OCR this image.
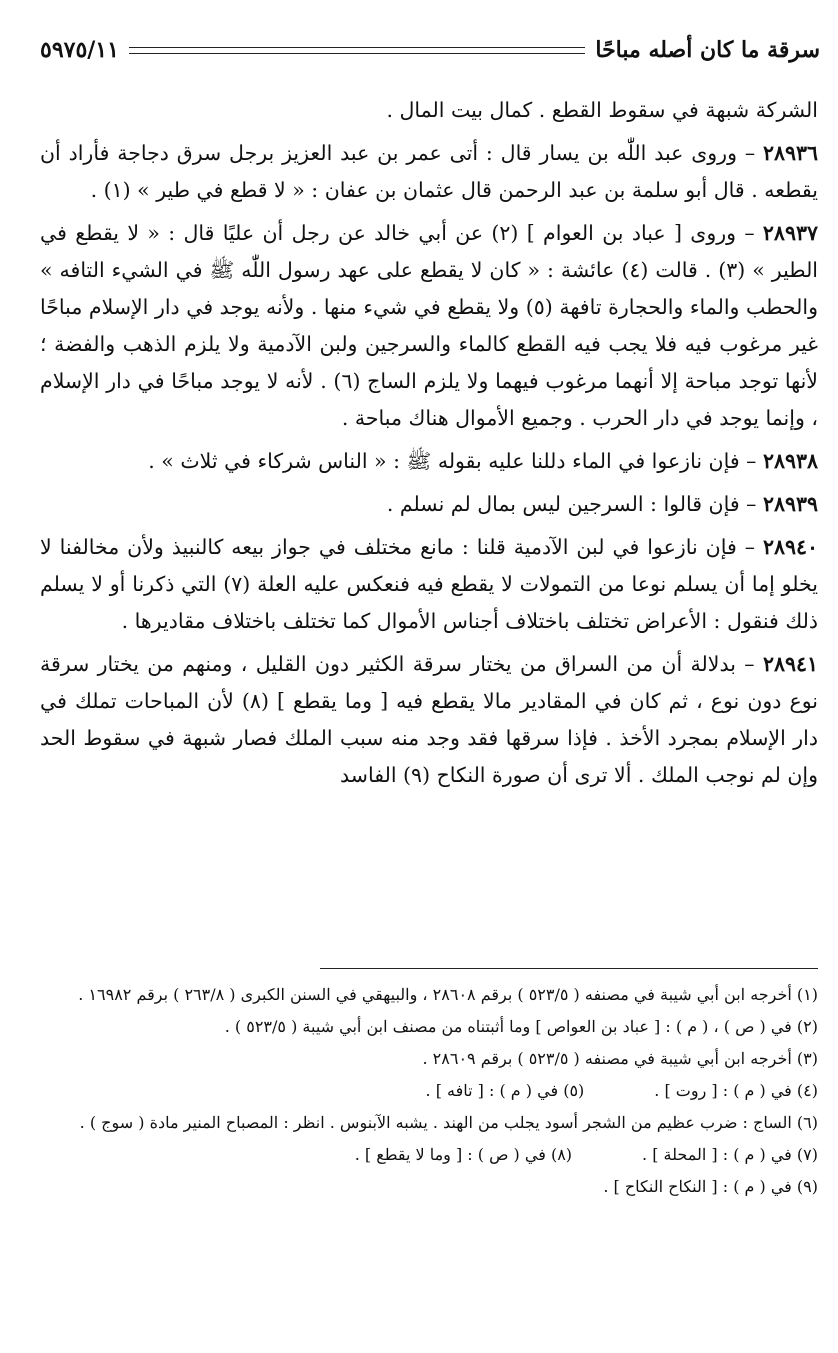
سرقة ما كان أصله مباحًا
٥٩٧٥/١١

الشركة شبهة في سقوط القطع . كمال بيت المال .

٢٨٩٣٦ – وروى عبد اللّٰه بن يسار قال : أتى عمر بن عبد العزيز برجل سرق دجاجة فأراد أن يقطعه . قال أبو سلمة بن عبد الرحمن قال عثمان بن عفان : « لا قطع في طير » (١) .

٢٨٩٣٧ – وروى [ عباد بن العوام ] (٢) عن أبي خالد عن رجل أن عليًا قال : « لا يقطع في الطير » (٣) . قالت (٤) عائشة : « كان لا يقطع على عهد رسول اللّٰه ﷺ في الشيء التافه » والحطب والماء والحجارة تافهة (٥) ولا يقطع في شيء منها . ولأنه يوجد في دار الإسلام مباحًا غير مرغوب فيه فلا يجب فيه القطع كالماء والسرجين ولبن الآدمية ولا يلزم الذهب والفضة ؛ لأنها توجد مباحة إلا أنهما مرغوب فيهما ولا يلزم الساج (٦) . لأنه لا يوجد مباحًا في دار الإسلام ، وإنما يوجد في دار الحرب . وجميع الأموال هناك مباحة .

٢٨٩٣٨ – فإن نازعوا في الماء دللنا عليه بقوله ﷺ : « الناس شركاء في ثلاث » .

٢٨٩٣٩ – فإن قالوا : السرجين ليس بمال لم نسلم .

٢٨٩٤٠ – فإن نازعوا في لبن الآدمية قلنا : مانع مختلف في جواز بيعه كالنبيذ ولأن مخالفنا لا يخلو إما أن يسلم نوعا من التمولات لا يقطع فيه فنعكس عليه العلة (٧) التي ذكرنا أو لا يسلم ذلك فنقول : الأعراض تختلف باختلاف أجناس الأموال كما تختلف باختلاف مقاديرها .

٢٨٩٤١ – بدلالة أن من السراق من يختار سرقة الكثير دون القليل ، ومنهم من يختار سرقة نوع دون نوع ، ثم كان في المقادير مالا يقطع فيه [ وما يقطع ] (٨) لأن المباحات تملك في دار الإسلام بمجرد الأخذ . فإذا سرقها فقد وجد منه سبب الملك فصار شبهة في سقوط الحد وإن لم نوجب الملك . ألا ترى أن صورة النكاح (٩) الفاسد

(١) أخرجه ابن أبي شيبة في مصنفه ( ٥٢٣/٥ ) برقم ٢٨٦٠٨ ، والبيهقي في السنن الكبرى ( ٢٦٣/٨ ) برقم ١٦٩٨٢ .
(٢) في ( ص ) ، ( م ) : [ عباد بن العواص ] وما أثبتناه من مصنف ابن أبي شيبة ( ٥٢٣/٥ ) .
(٣) أخرجه ابن أبي شيبة في مصنفه ( ٥٢٣/٥ ) برقم ٢٨٦٠٩ .
(٤) في ( م ) : [ روت ] .
(٥) في ( م ) : [ تافه ] .
(٦) الساج : ضرب عظيم من الشجر أسود يجلب من الهند . يشبه الآبنوس . انظر : المصباح المنير مادة ( سوج ) .
(٧) في ( م ) : [ المحلة ] .
(٨) في ( ص ) : [ وما لا يقطع ] .
(٩) في ( م ) : [ النكاح النكاح ] .
